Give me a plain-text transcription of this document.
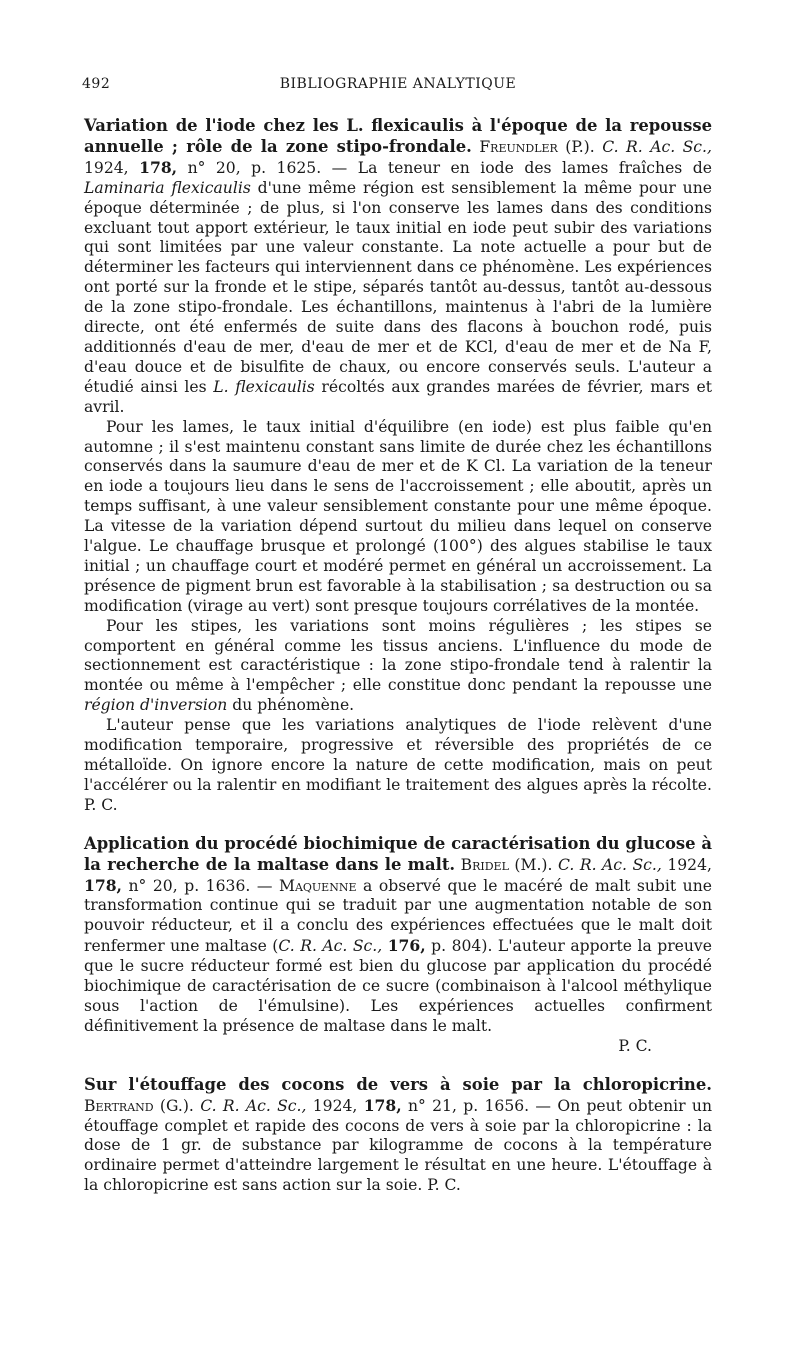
492	BIBLIOGRAPHIE ANALYTIQUE

Variation de l'iode chez les L. flexicaulis à l'époque de la repousse annuelle ; rôle de la zone stipo-frondale. Freundler (P.). C. R. Ac. Sc., 1924, 178, n° 20, p. 1625. — La teneur en iode des lames fraîches de Laminaria flexicaulis d'une même région est sensiblement la même pour une époque déterminée ; de plus, si l'on conserve les lames dans des conditions excluant tout apport extérieur, le taux initial en iode peut subir des variations qui sont limitées par une valeur constante. La note actuelle a pour but de déterminer les facteurs qui interviennent dans ce phénomène. Les expériences ont porté sur la fronde et le stipe, séparés tantôt au-dessus, tantôt au-dessous de la zone stipo-frondale. Les échantillons, maintenus à l'abri de la lumière directe, ont été enfermés de suite dans des flacons à bouchon rodé, puis additionnés d'eau de mer, d'eau de mer et de KCl, d'eau de mer et de Na F, d'eau douce et de bisulfite de chaux, ou encore conservés seuls. L'auteur a étudié ainsi les L. flexicaulis récoltés aux grandes marées de février, mars et avril.

Pour les lames, le taux initial d'équilibre (en iode) est plus faible qu'en automne ; il s'est maintenu constant sans limite de durée chez les échantillons conservés dans la saumure d'eau de mer et de K Cl. La variation de la teneur en iode a toujours lieu dans le sens de l'accroissement ; elle aboutit, après un temps suffisant, à une valeur sensiblement constante pour une même époque. La vitesse de la variation dépend surtout du milieu dans lequel on conserve l'algue. Le chauffage brusque et prolongé (100°) des algues stabilise le taux initial ; un chauffage court et modéré permet en général un accroissement. La présence de pigment brun est favorable à la stabilisation ; sa destruction ou sa modification (virage au vert) sont presque toujours corrélatives de la montée.

Pour les stipes, les variations sont moins régulières ; les stipes se comportent en général comme les tissus anciens. L'influence du mode de sectionnement est caractéristique : la zone stipo-frondale tend à ralentir la montée ou même à l'empêcher ; elle constitue donc pendant la repousse une région d'inversion du phénomène.

L'auteur pense que les variations analytiques de l'iode relèvent d'une modification temporaire, progressive et réversible des propriétés de ce métalloïde. On ignore encore la nature de cette modification, mais on peut l'accélérer ou la ralentir en modifiant le traitement des algues après la récolte. P. C.

Application du procédé biochimique de caractérisation du glucose à la recherche de la maltase dans le malt. Bridel (M.). C. R. Ac. Sc., 1924, 178, n° 20, p. 1636. — Maquenne a observé que le macéré de malt subit une transformation continue qui se traduit par une augmentation notable de son pouvoir réducteur, et il a conclu des expériences effectuées que le malt doit renfermer une maltase (C. R. Ac. Sc., 176, p. 804). L'auteur apporte la preuve que le sucre réducteur formé est bien du glucose par application du procédé biochimique de caractérisation de ce sucre (combinaison à l'alcool méthylique sous l'action de l'émulsine). Les expériences actuelles confirment définitivement la présence de maltase dans le malt.

P. C.

Sur l'étouffage des cocons de vers à soie par la chloropicrine. Bertrand (G.). C. R. Ac. Sc., 1924, 178, n° 21, p. 1656. — On peut obtenir un étouffage complet et rapide des cocons de vers à soie par la chloropicrine : la dose de 1 gr. de substance par kilogramme de cocons à la température ordinaire permet d'atteindre largement le résultat en une heure. L'étouffage à la chloropicrine est sans action sur la soie. P. C.
